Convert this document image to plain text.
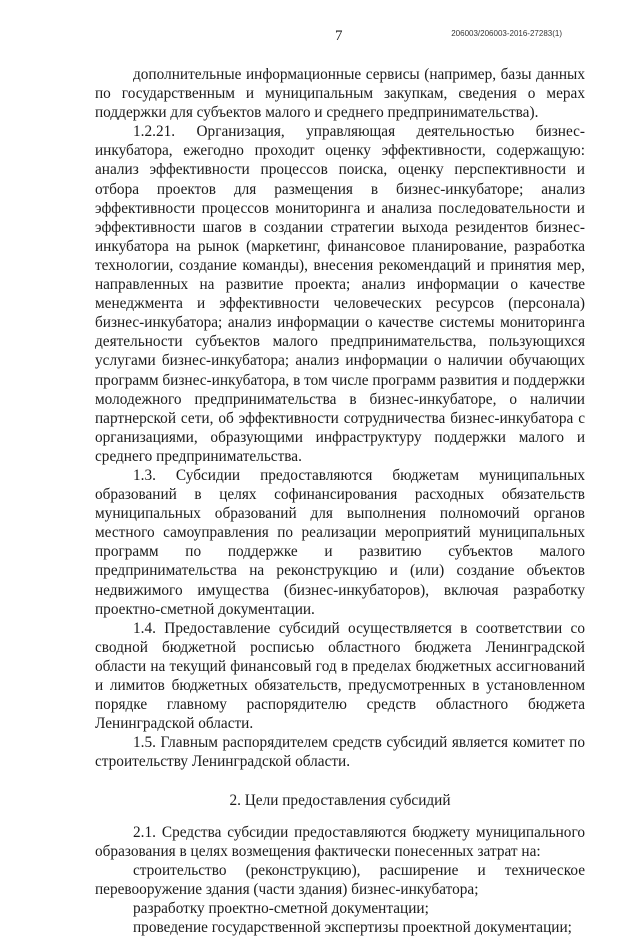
7	206003/206003-2016-27283(1)

дополнительные информационные сервисы (например, базы данных по государственным и муниципальным закупкам, сведения о мерах поддержки для субъектов малого и среднего предпринимательства).

1.2.21. Организация, управляющая деятельностью бизнес-инкубатора, ежегодно проходит оценку эффективности, содержащую: анализ эффективности процессов поиска, оценку перспективности и отбора проектов для размещения в бизнес-инкубаторе; анализ эффективности процессов мониторинга и анализа последовательности и эффективности шагов в создании стратегии выхода резидентов бизнес-инкубатора на рынок (маркетинг, финансовое планирование, разработка технологии, создание команды), внесения рекомендаций и принятия мер, направленных на развитие проекта; анализ информации о качестве менеджмента и эффективности человеческих ресурсов (персонала) бизнес-инкубатора; анализ информации о качестве системы мониторинга деятельности субъектов малого предпринимательства, пользующихся услугами бизнес-инкубатора; анализ информации о наличии обучающих программ бизнес-инкубатора, в том числе программ развития и поддержки молодежного предпринимательства в бизнес-инкубаторе, о наличии партнерской сети, об эффективности сотрудничества бизнес-инкубатора с организациями, образующими инфраструктуру поддержки малого и среднего предпринимательства.

1.3. Субсидии предоставляются бюджетам муниципальных образований в целях софинансирования расходных обязательств муниципальных образований для выполнения полномочий органов местного самоуправления по реализации мероприятий муниципальных программ по поддержке и развитию субъектов малого предпринимательства на реконструкцию и (или) создание объектов недвижимого имущества (бизнес-инкубаторов), включая разработку проектно-сметной документации.

1.4. Предоставление субсидий осуществляется в соответствии со сводной бюджетной росписью областного бюджета Ленинградской области на текущий финансовый год в пределах бюджетных ассигнований и лимитов бюджетных обязательств, предусмотренных в установленном порядке главному распорядителю средств областного бюджета Ленинградской области.

1.5. Главным распорядителем средств субсидий является комитет по строительству Ленинградской области.

2. Цели предоставления субсидий

2.1. Средства субсидии предоставляются бюджету муниципального образования в целях возмещения фактически понесенных затрат на:

строительство (реконструкцию), расширение и техническое перевооружение здания (части здания) бизнес-инкубатора;

разработку проектно-сметной документации;

проведение государственной экспертизы проектной документации;
